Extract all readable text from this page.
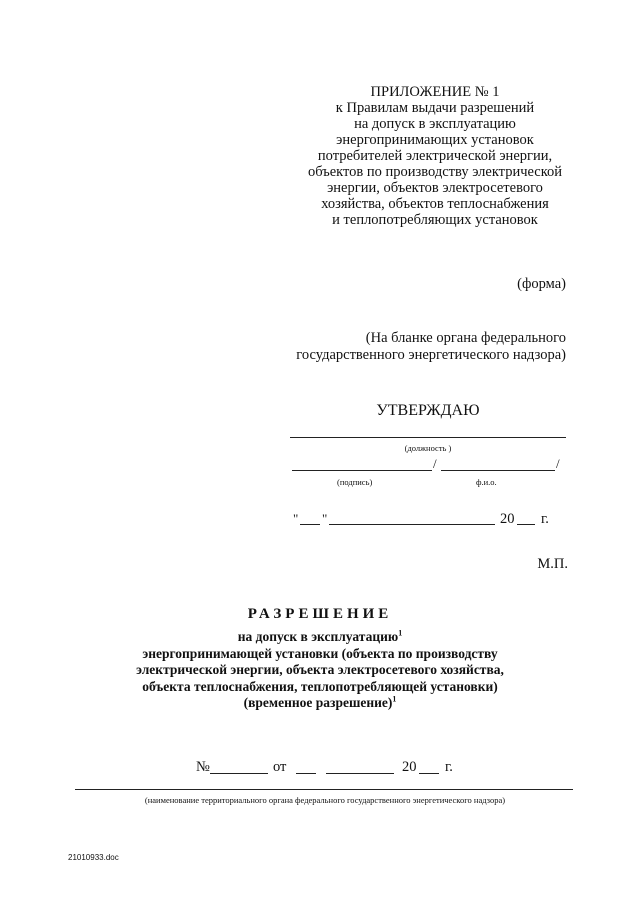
ПРИЛОЖЕНИЕ № 1
к Правилам выдачи разрешений
на допуск в эксплуатацию
энергопринимающих установок
потребителей электрической энергии,
объектов по производству электрической
энергии, объектов электросетевого
хозяйства, объектов теплоснабжения
и теплопотребляющих установок
(форма)
(На бланке органа федерального
государственного энергетического надзора)
УТВЕРЖДАЮ
(должность )
/	/
(подпись)	ф.и.о.
" "	20 г.
М.П.
РАЗРЕШЕНИЕ
на допуск в эксплуатацию$^1$
энергопринимающей установки (объекта по производству
электрической энергии, объекта электросетевого хозяйства,
объекта теплоснабжения, теплопотребляющей установки)
(временное разрешение)$^1$
№	от	20 г.
(наименование территориального органа федерального государственного энергетического надзора)
21010933.doc
